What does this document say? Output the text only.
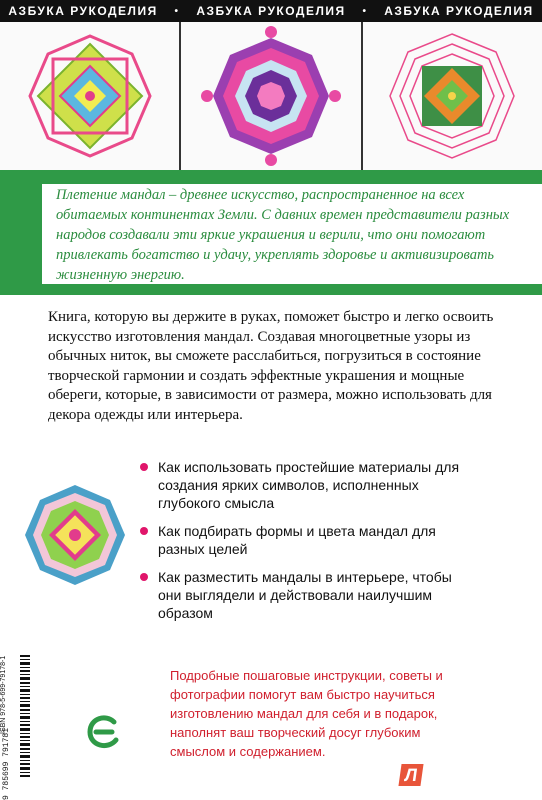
АЗБУКА РУКОДЕЛИЯ • АЗБУКА РУКОДЕЛИЯ • АЗБУКА РУКОДЕЛИЯ
Плетение мандал – древнее искусство, распространенное на всех обитаемых континентах Земли. С давних времен представители разных народов создавали эти яркие украшения и верили, что они помогают привлекать богатство и удачу, укреплять здоровье и активизировать жизненную энергию.
Книга, которую вы держите в руках, поможет быстро и легко освоить искусство изготовления мандал. Создавая многоцветные узоры из обычных ниток, вы сможете расслабиться, погрузиться в состояние творческой гармонии и создать эффектные украшения и мощные обереги, которые, в зависимости от размера, можно использовать для декора одежды или интерьера.
Как использовать простейшие материалы для создания ярких символов, исполненных глубокого смысла
Как подбирать формы и цвета мандал для разных целей
Как разместить мандалы в интерьере, чтобы они выглядели и действовали наилучшим образом
ISBN 978-5-699-79178-1
9 785699 791781
Подробные пошаговые инструкции, советы и фотографии помогут вам быстро научиться изготовлению мандал для себя и в подарок, наполнят ваш творческий досуг глубоким смыслом и содержанием.
Л
